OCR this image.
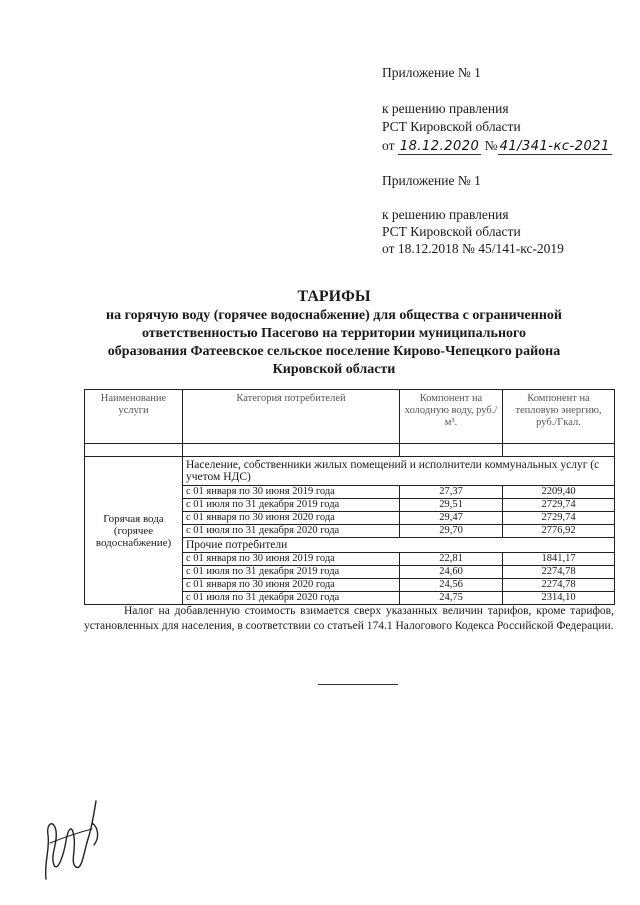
Приложение № 1
к решению правления
РСТ Кировской области
от 18.12.2020 № 41/341-кс-2021
Приложение № 1
к решению правления
РСТ Кировской области
от 18.12.2018 № 45/141-кс-2019
ТАРИФЫ
на горячую воду (горячее водоснабжение) для общества с ограниченной
ответственностью Пасегово на территории муниципального
образования Фатеевское сельское поселение Кирово-Чепецкого района
Кировской области
Наименование услуги	Категория потребителей	Компонент на холодную воду, руб./м³.	Компонент на тепловую энергию, руб./Гкал.

Горячая вода (горячее водоснабжение)	Население, собственники жилых помещений и исполнители коммунальных услуг (с учетом НДС)		
	с 01 января по 30 июня 2019 года	27,37	2209,40
	с 01 июля по 31 декабря 2019 года	29,51	2729,74
	с 01 января по 30 июня 2020 года	29,47	2729,74
	с 01 июля по 31 декабря 2020 года	29,70	2776,92
	Прочие потребители		
	с 01 января по 30 июня 2019 года	22,81	1841,17
	с 01 июля по 31 декабря 2019 года	24,60	2274,78
	с 01 января по 30 июня 2020 года	24,56	2274,78
	с 01 июля по 31 декабря 2020 года	24,75	2314,10
Налог на добавленную стоимость взимается сверх указанных величин тарифов, кроме тарифов, установленных для населения, в соответствии со статьей 174.1 Налогового Кодекса Российской Федерации.
